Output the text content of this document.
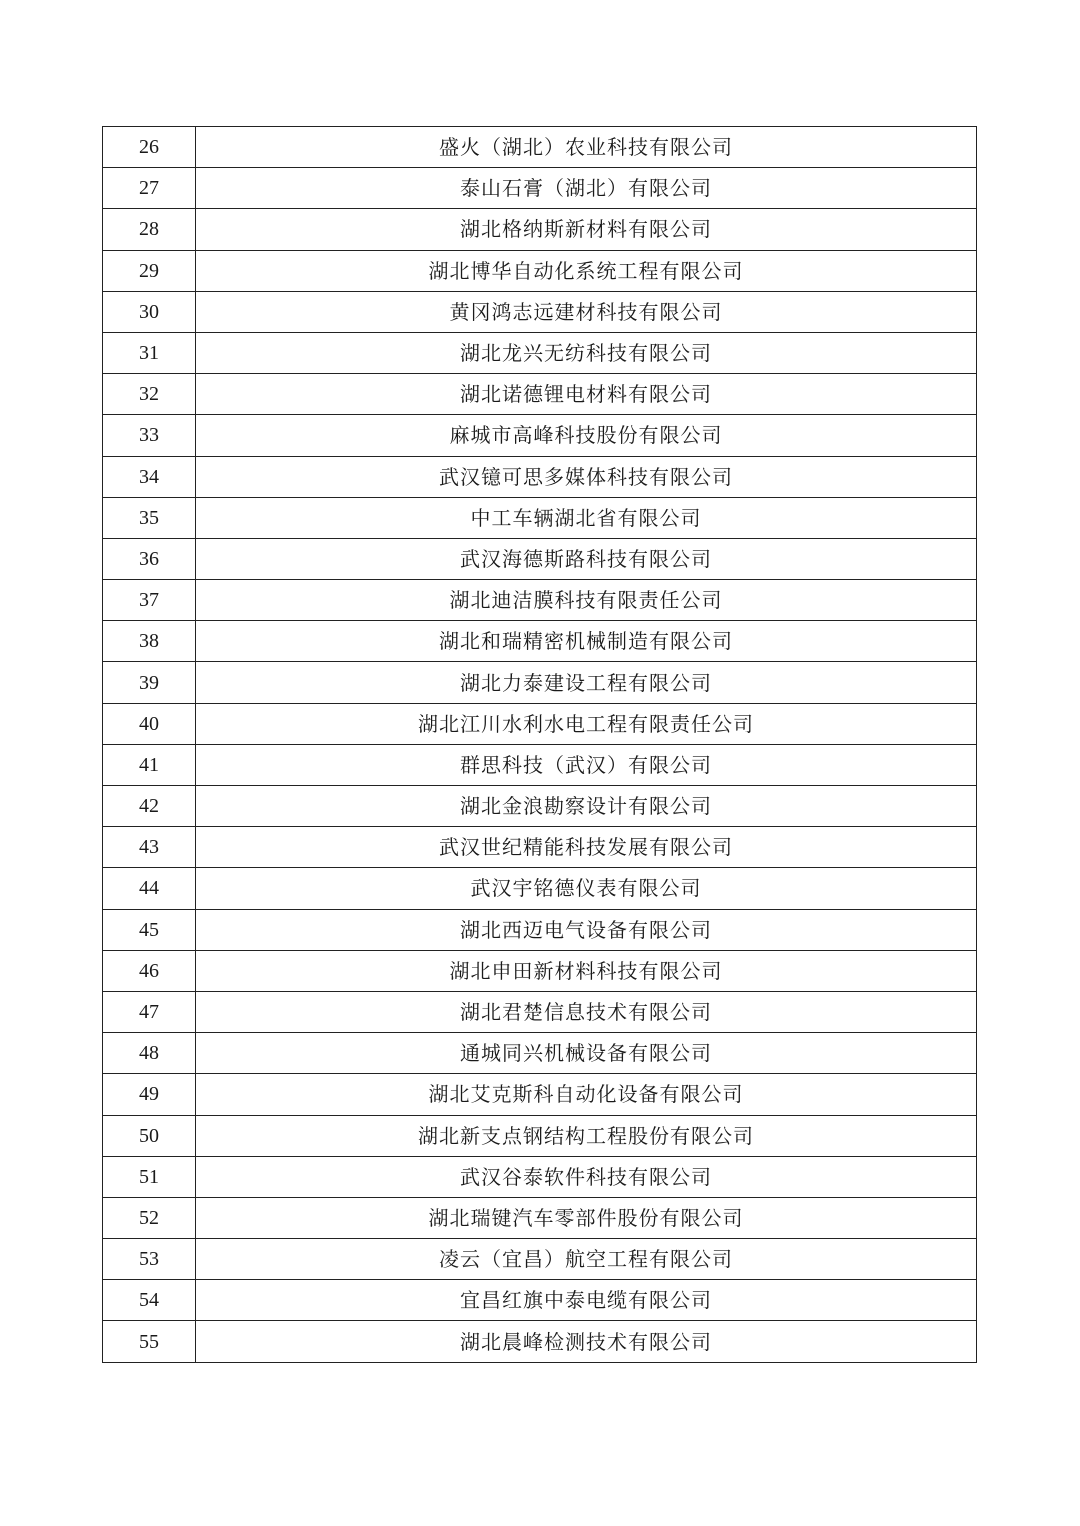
26	盛火（湖北）农业科技有限公司
27	泰山石膏（湖北）有限公司
28	湖北格纳斯新材料有限公司
29	湖北博华自动化系统工程有限公司
30	黄冈鸿志远建材科技有限公司
31	湖北龙兴无纺科技有限公司
32	湖北诺德锂电材料有限公司
33	麻城市高峰科技股份有限公司
34	武汉镱可思多媒体科技有限公司
35	中工车辆湖北省有限公司
36	武汉海德斯路科技有限公司
37	湖北迪洁膜科技有限责任公司
38	湖北和瑞精密机械制造有限公司
39	湖北力泰建设工程有限公司
40	湖北江川水利水电工程有限责任公司
41	群思科技（武汉）有限公司
42	湖北金浪勘察设计有限公司
43	武汉世纪精能科技发展有限公司
44	武汉宇铭德仪表有限公司
45	湖北西迈电气设备有限公司
46	湖北申田新材料科技有限公司
47	湖北君楚信息技术有限公司
48	通城同兴机械设备有限公司
49	湖北艾克斯科自动化设备有限公司
50	湖北新支点钢结构工程股份有限公司
51	武汉谷泰软件科技有限公司
52	湖北瑞键汽车零部件股份有限公司
53	凌云（宜昌）航空工程有限公司
54	宜昌红旗中泰电缆有限公司
55	湖北晨峰检测技术有限公司
